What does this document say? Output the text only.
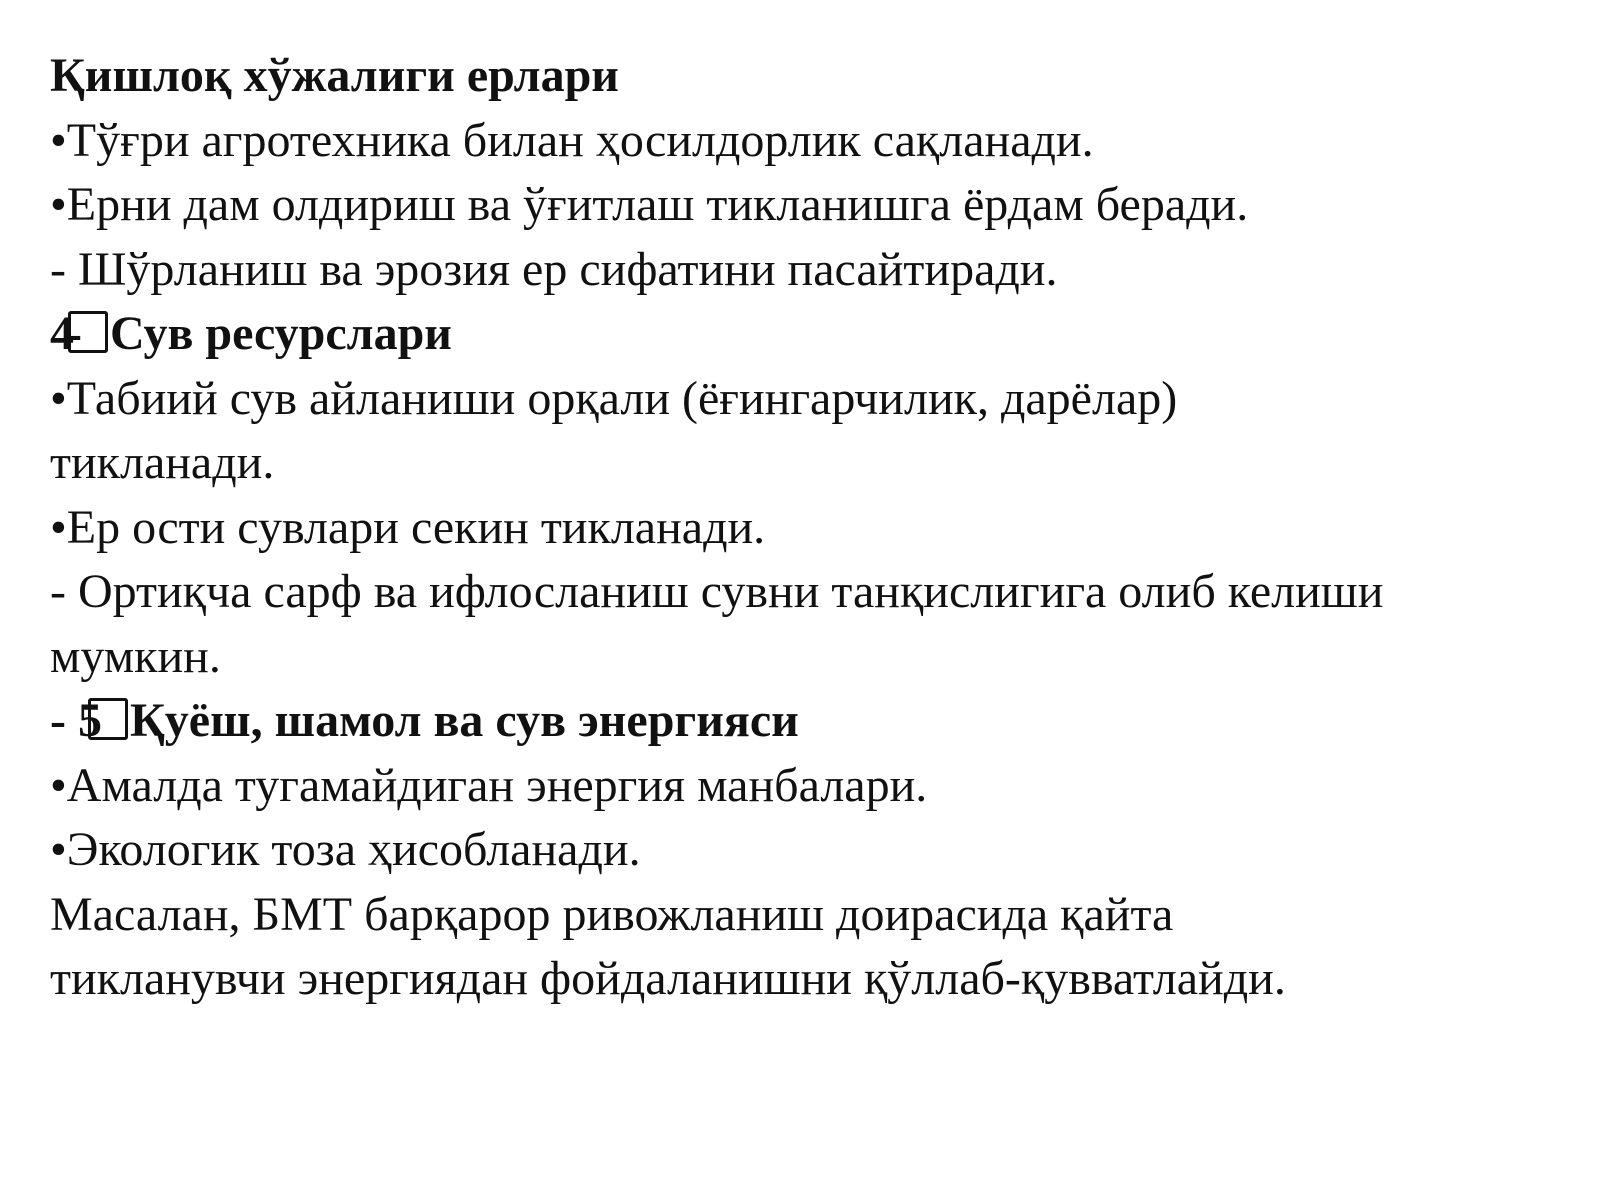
Қишлоқ хўжалиги ерлари

•Тўғри агротехника билан ҳосилдорлик сақланади.

•Ерни дам олдириш ва ўғитлаш тикланишга ёрдам беради.

- Шўрланиш ва эрозия ер сифатини пасайтиради.

4- Сув ресурслари

•Табиий сув айланиши орқали (ёғингарчилик, дарёлар)

тикланади.

•Ер ости сувлари секин тикланади.

- Ортиқча сарф ва ифлосланиш сувни танқислигига олиб келиши

мумкин.

- 5 Қуёш, шамол ва сув энергияси

•Амалда тугамайдиган энергия манбалари.

•Экологик тоза ҳисобланади.

Масалан, БМТ барқарор ривожланиш доирасида қайта

тикланувчи энергиядан фойдаланишни қўллаб-қувватлайди.
